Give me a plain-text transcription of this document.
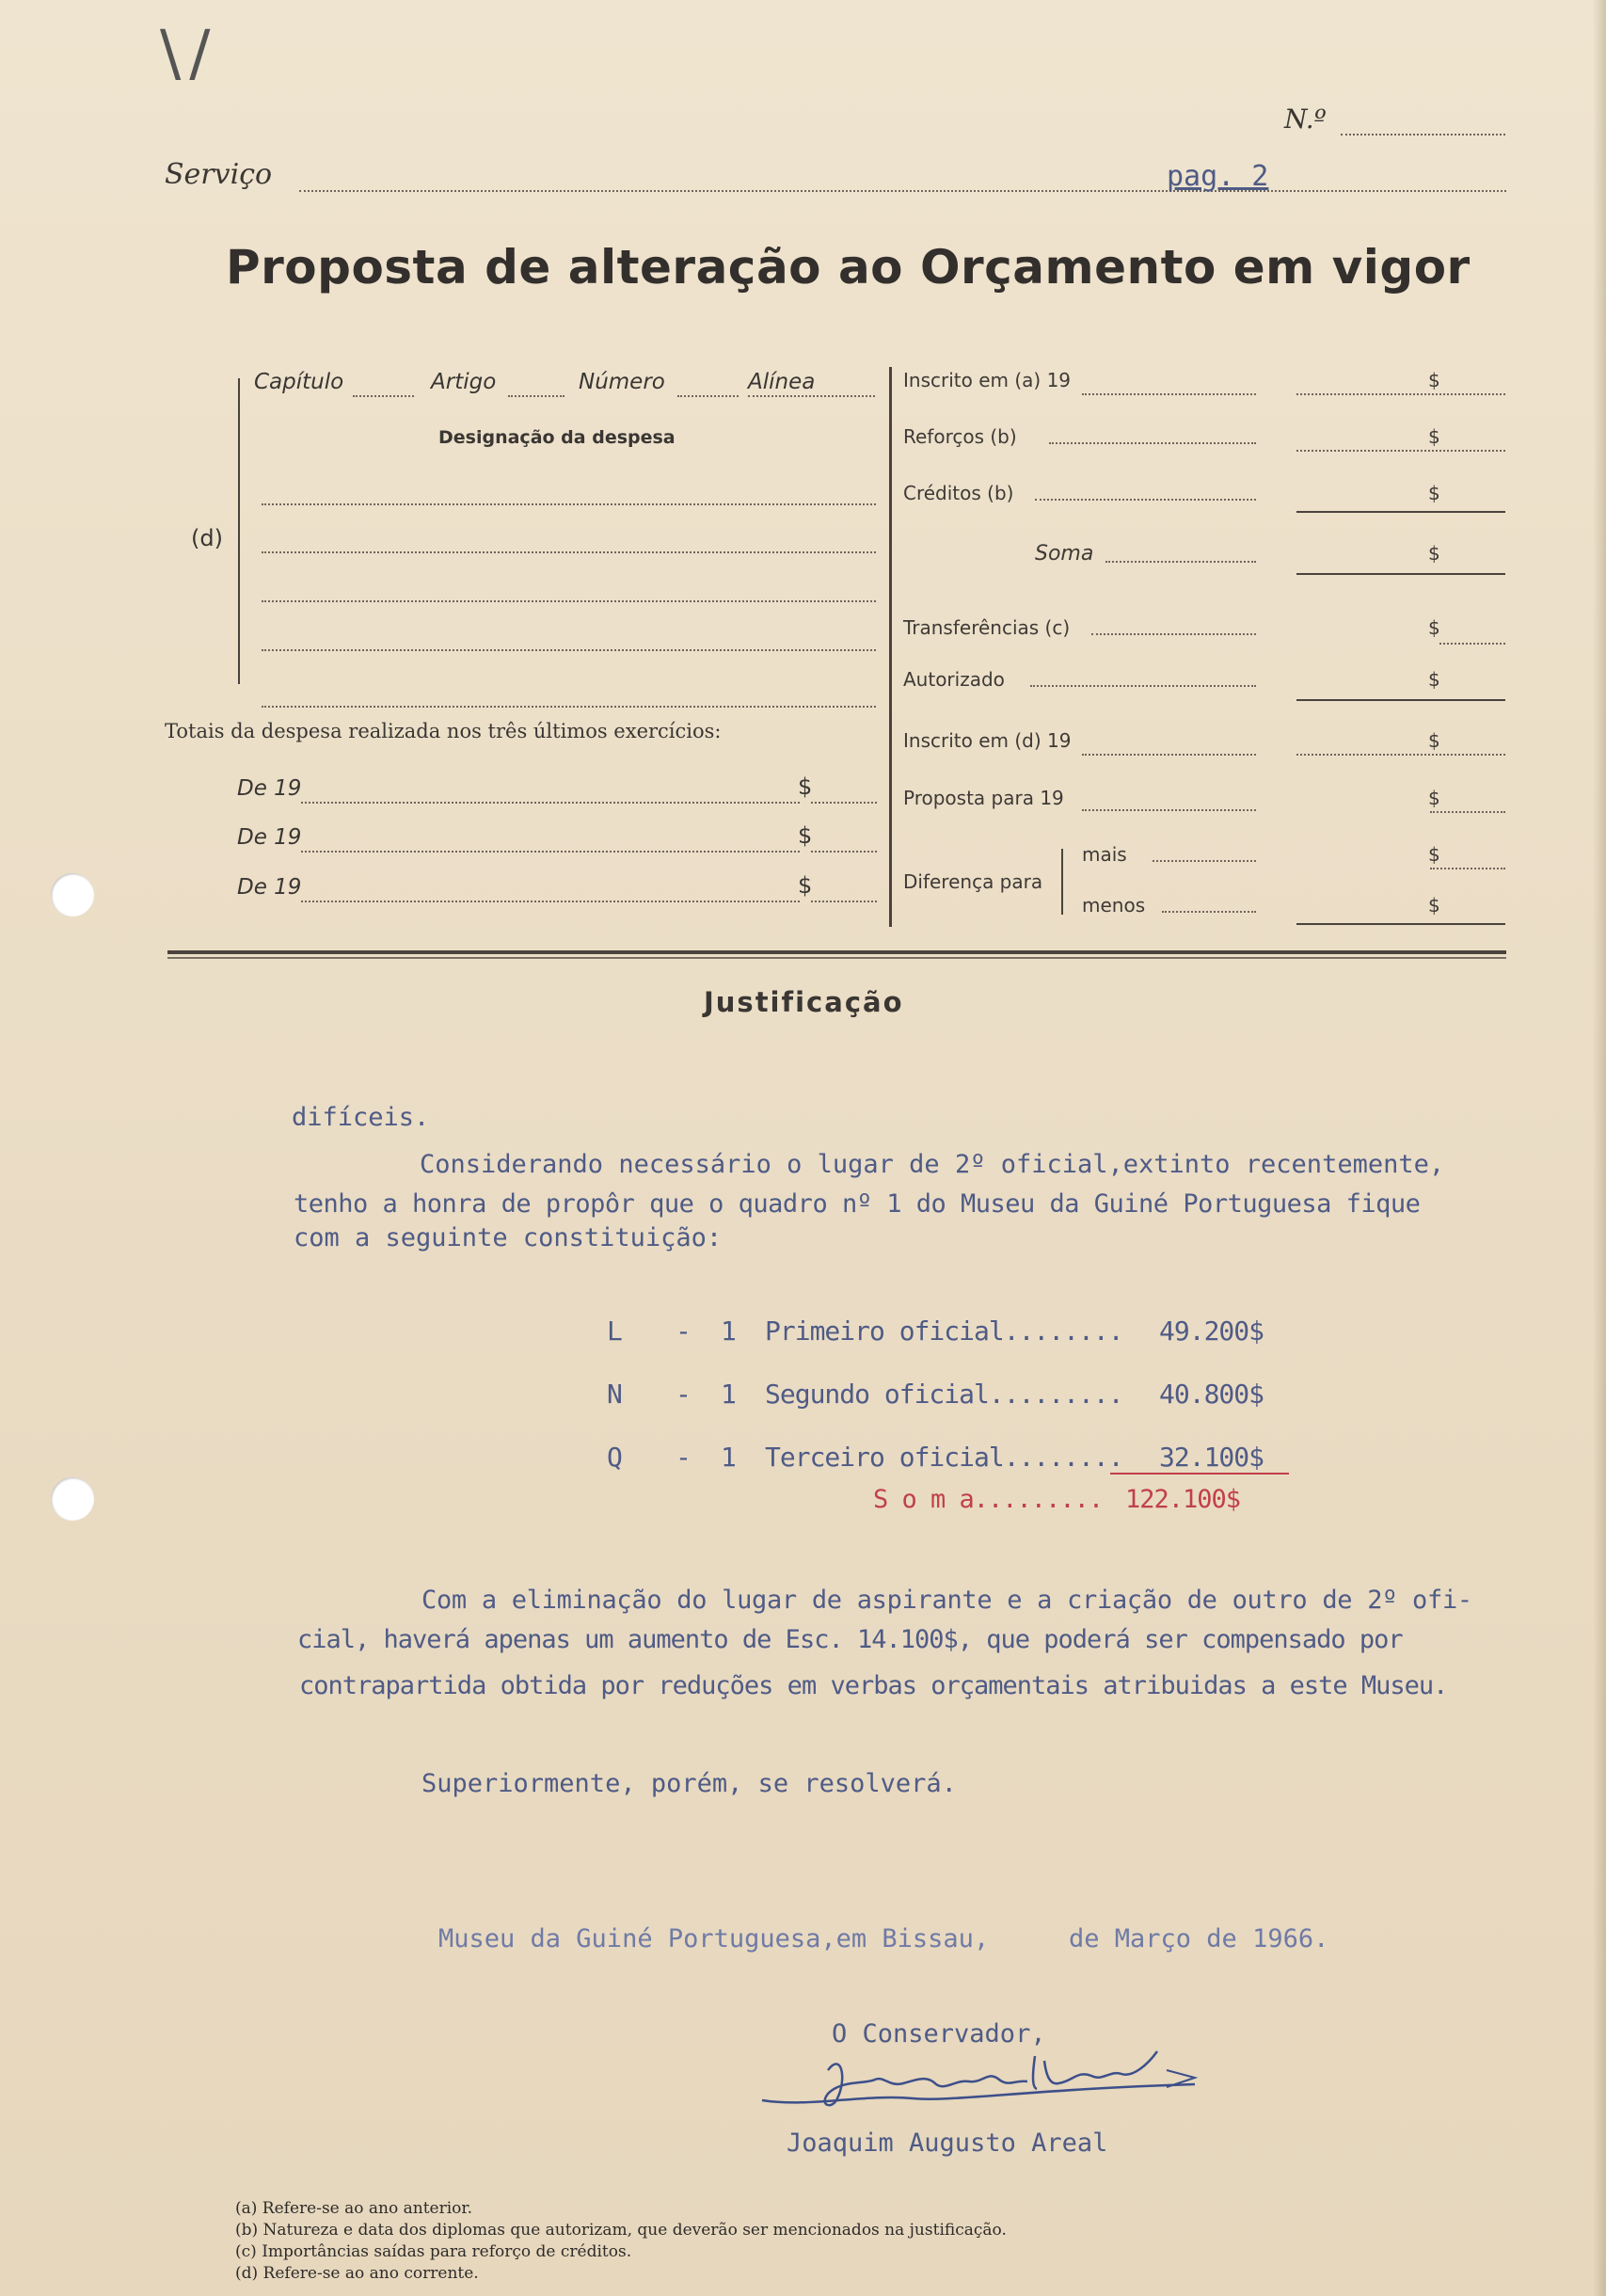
\ /
N.º
Serviço	pag. 2
Proposta de alteração ao Orçamento em vigor
Capítulo	Artigo	Número	Alínea
Designação da despesa
(d)
Totais da despesa realizada nos três últimos exercícios:
De 19	$
De 19	$
De 19	$
Inscrito em (a) 19	$
Reforços (b)	$
Créditos (b)	$
Soma	$
Transferências (c)	$
Autorizado	$
Inscrito em (d) 19	$
Proposta para 19	$
Diferença para
mais	$
menos	$
Justificação
difíceis.
Considerando necessário o lugar de 2º oficial,extinto recentemente,
tenho a honra de propôr que o quadro nº 1 do Museu da Guiné Portuguesa fique
com a seguinte constituição:
L - 1 Primeiro oficial........ 49.200$
N - 1 Segundo oficial......... 40.800$
Q - 1 Terceiro oficial........ 32.100$
S o m a......... 122.100$
Com a eliminação do lugar de aspirante e a criação de outro de 2º ofi-
cial, haverá apenas um aumento de Esc. 14.100$, que poderá ser compensado por
contrapartida obtida por reduções em verbas orçamentais atribuidas a este Museu.
Superiormente, porém, se resolverá.
Museu da Guiné Portuguesa,em Bissau,	de Março de 1966.
O Conservador,
Joaquim Augusto Areal
(a) Refere-se ao ano anterior.
(b) Natureza e data dos diplomas que autorizam, que deverão ser mencionados na justificação.
(c) Importâncias saídas para reforço de créditos.
(d) Refere-se ao ano corrente.
